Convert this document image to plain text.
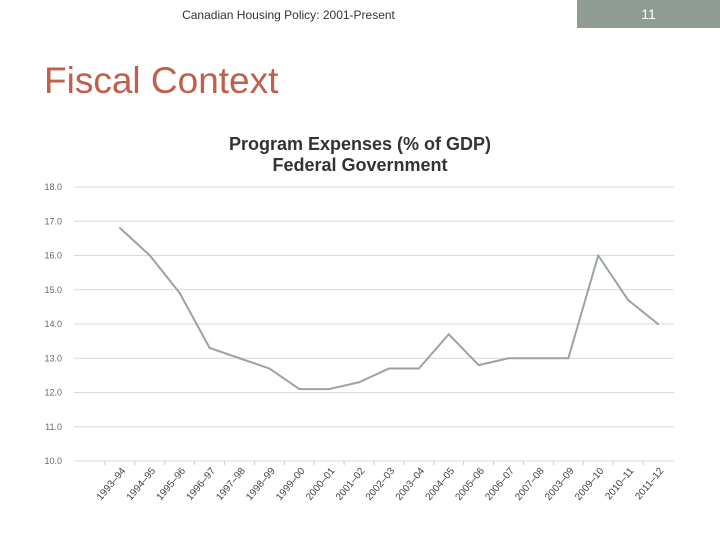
Canadian Housing Policy: 2001-Present	11
Fiscal Context
Program Expenses (% of GDP)
Federal Government
18.0
17.0
16.0
15.0
14.0
13.0
12.0
11.0
10.0
1993–94
1994–95
1995–96
1996–97
1997–98
1998–99
1999–00
2000–01
2001–02
2002–03
2003–04
2004–05
2005–06
2006–07
2007–08
2003–09
2009–10
2010–11
2011–12
